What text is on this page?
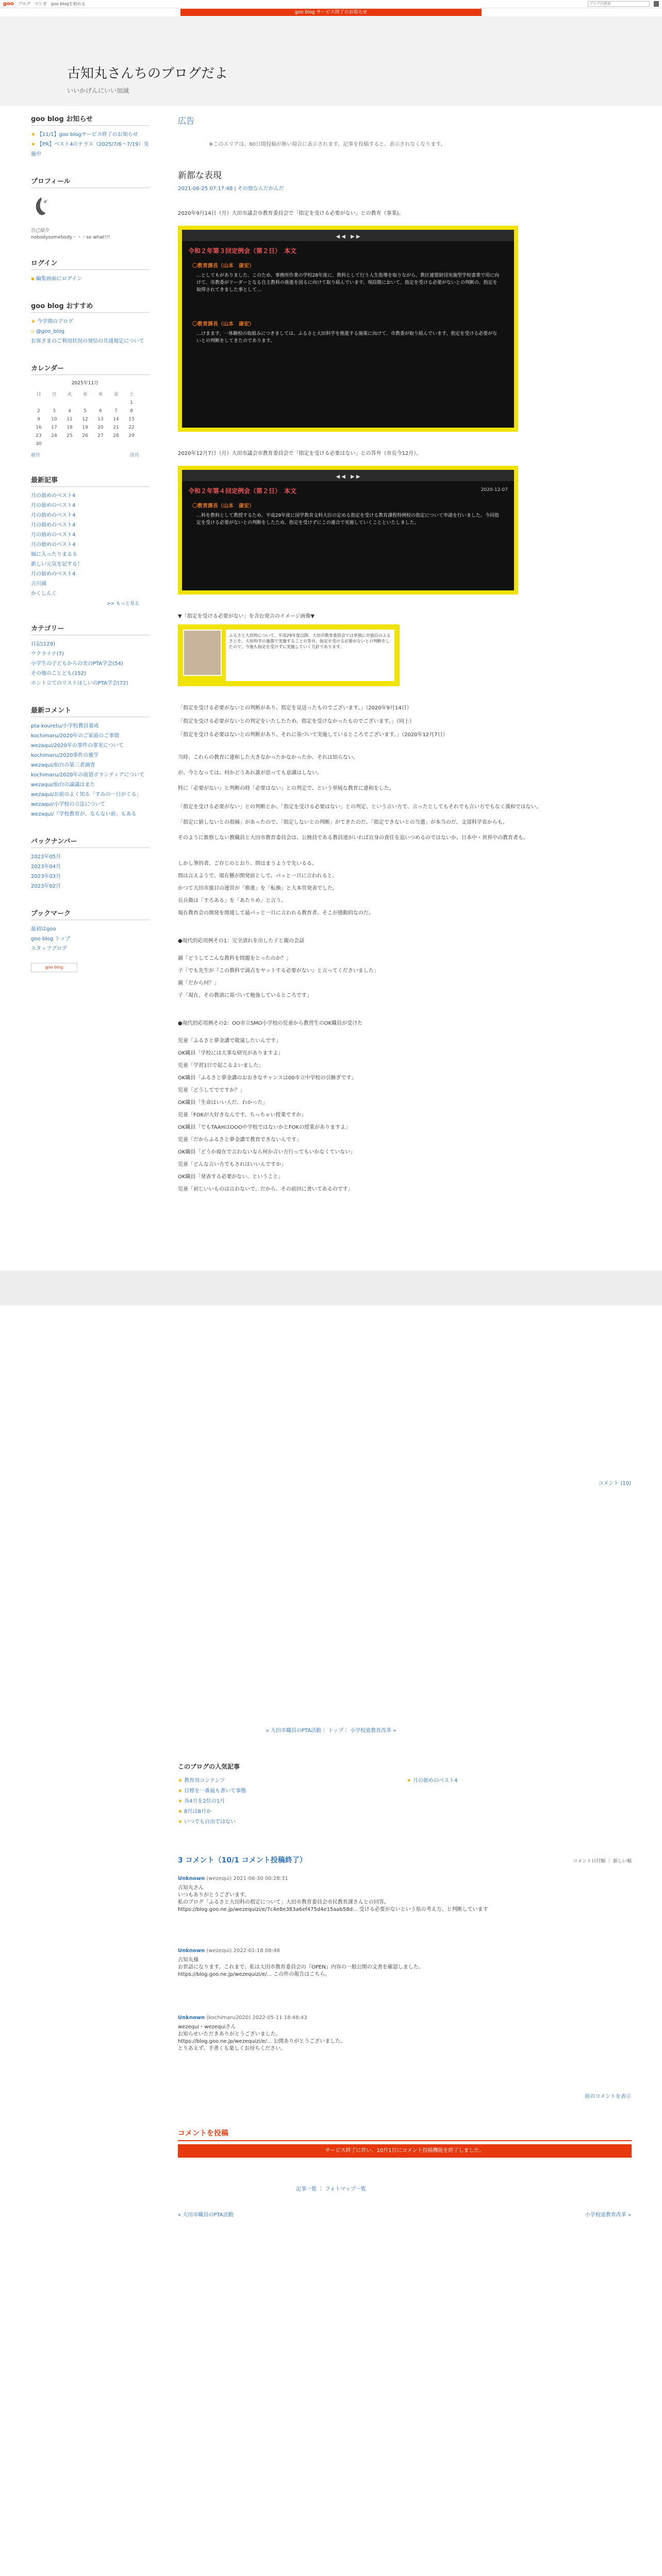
goo ブログ　マンガ　goo blogを始める	ブログ内検索
goo blog サービス終了のお知らせ
古知丸さんちのブログだよ

いいかげんにいい加減

goo blog お知らせ
★ 【11/1】goo blogサービス終了のお知らせ
★ 【PR】ベスト4のテラス（2025/7/6～7/19）実施中
プロフィール
自己紹介
nobodysomebody・・・so what!!!
ログイン
▪ 編集画面にログイン
goo blog おすすめ
★ 今学期のブログ
▫ @goo_blog
お客さまのご利用状況の発信の共通規定について
カレンダー
2025年11月
日	月	火	水	木	金	土
						1
2	3	4	5	6	7	8
9	10	11	12	13	14	15
16	17	18	19	20	21	22
23	24	25	26	27	28	29
30						
前月	次月
最新記事
月の始めのベスト4
月の始めのベスト4
月の始めのベスト4
月の始めのベスト4
月の始めのベスト4
月の始めのベスト4
堀に入ったりまるる
新しい元気を記する！
月の始めのベスト4
古川園
かくしんく
>> もっと見る
カテゴリー
日記(129)
ウクライナ(7)
小学生の子どもからの実のPTA学会(54)
その他のことども(152)
ホント立てのリストほしいのPTA学会(72)
最新コメント
pta-kouretu/小学校教員養成
kochimaru/2020年のご家庭のご事情
wezaqui/2020年の事件の事実について
kochimaru/2020事件の後学
wezaqui/仙台の第三者調査
kochimaru/2020年の前道ボランティアについて
wezaqui/仙台の論議はまた
wezaqui/お前のよく知る「すみの一日がくる」
wezaqui/小学校の立法について
wezaqui/『学校教育が、ならない前」もある
バックナンバー
2023年05月
2023年04月
2023年03月
2023年02月
ブックマーク
最初はgoo
goo blog トップ
スタッフブログ
goo blog
広告
※このエリアは、60日間投稿が無い場合に表示されます。記事を投稿すると、表示されなくなります。
新都な表現
2021-06-25 07:17:48 | その他なんだかんだ
2020年9月14日（月）大田市議会市教育委員会で「指定を受ける必要がない」との教育（事業)。
◀ ◀　▶ ▶
令和２年第３回定例会（第２日）　本文
〇教育課長（山本　康宏）
…としてもがありました、このため、事務所作業の学校28年度に、教科として行う人生指導を取りながら、教区連盟財団実施型学校書業で用に向けて、市教委がリーダーとなる自主教科の推進を図るに向けて取り組んでいます。現段階において、指定を受ける必要がないとの判断の、指定を取得されてきました事として…
〇教育課長（山本　康宏）
…けまます、一体験校の取組みにつきましては、ふるさと大田科学を推進する施策に向けて、市教委が取り組んでいます。指定を受ける必要がないとの判断をしてきたのであります。
2020年12月7日（月）大田市議会市教育委員会で「指定を受ける必要はない」との答弁（市長今12月）。
◀ ◀　▶ ▶
令和２年第４回定例会（第２日）　本文	2020-12-07
〇教育課長（山本　康宏）
…科を教科として教授するため、平成29年度に国学教育文科大臣の定める指定を受ける教育課程特例校の指定について申請を行いました。今回指定を受ける必要がないとの判断をしたため、指定を受けずにこの連合で実施していくことといたしました。
▼「指定を受ける必要がない」を含む発言のイメージ画像▼
ふるさと大田科について、平成29年度以降、大田市教育委員会では単独に市独自のふるさとを、大田科学の施策で実施することの答弁。指定を受ける必要がないとの判断をしたので、今後も指定を受けずに実施していく方針であります。
「指定を受ける必要がないとの判断があり、指定を見送ったものでございます。」（2020年9月14日）
「指定を受ける必要がないとの判定をいたしたため、指定を受けなかったものでございます。」（同上）
「指定を受ける必要はないとの判断があり、それに基づいて実施しているところでございます。」（2020年12月7日）
当時、これらの教育に違和した大きなかったかなかったか、それは知らない。
が、今となっては、何かどうあれ誰が思っても意識はしない。
特に「必要がない」と判断の時「必要はない」との判定で、という単純な教育に違和をした。
「指定を受ける必要がない」との判断とか、「指定を受ける必要はない」との判定、という言い方で、言ったとしてもそれでも言い方でもなく漢和ではない。
「指定に値しないとの指摘」があったので、「指定しないとの判断」がてきたのだ、「指定できないとの当選」が本当のだ。文部科学省からも。
そのように推察しない教職員と大田市教育委員会は、公務員である教員達がいれば自身の責任を追いつめるのではないか。日本中・世界中の教育者も。
しかし筆的者。ご存じのとおり、問はまうようで先いるる。
問は言えようで、現在懸が開発前として、パッと一旦に言われると、
かつて大田市旗目の運営が「推進」を「転換」と大本営発表でした。
長兵衛は「すろある」を「あたりめ」と言う。
現在教育会の開発を関連して最パッと一旦に言われる教育者、そこが感動的なのだ。
●現代的応用例その1：完全漬れを出した子と親の会話
親「どうしてこんな教科を問題をとったのか？」
子「でも先生が『この教科で満点をヤットする必要がない』と言ってくださいました」
親「だから何？」
子「現在、その教訓に基づいて勉強しているところです」
●現代的応用例その2：OO市立SMO小学校の児童から教習生のOK職員が受けた
児童「ふるさと夢金講で敬遠したいんです」
OK職員「学校には大事な研究がありますよ」
児童「学習1日で起こるよいました」
OK職員「ふるさと夢金講のおおきなチャンスは00市立中学校の引継ぎです」
児童「どうしてでですか？」
OK職員「生命はいい人だ、わかった」
児童「FOKが大好きなんです。ちっちゃい授業ですか」
OK職員「でもTAAHはOOO中学校ではないかとFOKの授業がありますよ」
児童「だからふるさと夢金講で教育できないんです」
OK職員「どうか現在で言わないなら何か言い方行ってもいかなくていない」
児童「どんな言い方でもされはいいんですか」
OK職員「発表する必要がない、ということ」
児童「初じいいものは言わないで。だから、その前回に書いてあるのです」
コメント (10)
« 大田市職員のPTA活動｜ トップ｜ 小学校道教育改革 »
このブログの人気記事
★ 教育用コンテンツ
★ 目標を一番最も書いて事態
★ 各4月を2位の1月
★ 8月は8月か
★ いつでも自由ではない

★ 月の始めのベスト4
3 コメント（10/1 コメント投稿終了）	コメント日付順 ｜ 新しい順
Unknown (wezequi) 2021-06-30 00:28:31
古知丸さん
いつもありがとうございます。
私のブログ「ふるさと大田科の指定について」大田市教育委員会市民教育課さんとの回答。
https://blog.goo.ne.jp/wezequizi/e/7c4e8e383a6ef475d4e15aab58d... 受ける必要がないという県の考え方、と判断しています
Unknown (wezequi) 2022-01-18 08:48
古知丸様
お世話になります。これまで、私は大田市教育委員会の『OPEN』内容の一般公開の文書を確認しました。
https://blog.goo.ne.jp/wezequizi/e/... この件の報告はこちら。
Unknown (kochimaru2020) 2022-05-11 18:48:43
wezequi・wezequiさん
お知らせいただきありがとうございました。
https://blog.goo.ne.jp/wezequizi/e/... 公開ありがとうございました。
とりあえず、手書くも楽しくお待ちください。
前のコメントを表示
コメントを投稿
サービス終了に伴い、10月1日にコメント投稿機能を終了しました。
記事一覧 ｜ フォトマップ一覧
« 大田市職員のPTA活動	小学校道教育改革 »
